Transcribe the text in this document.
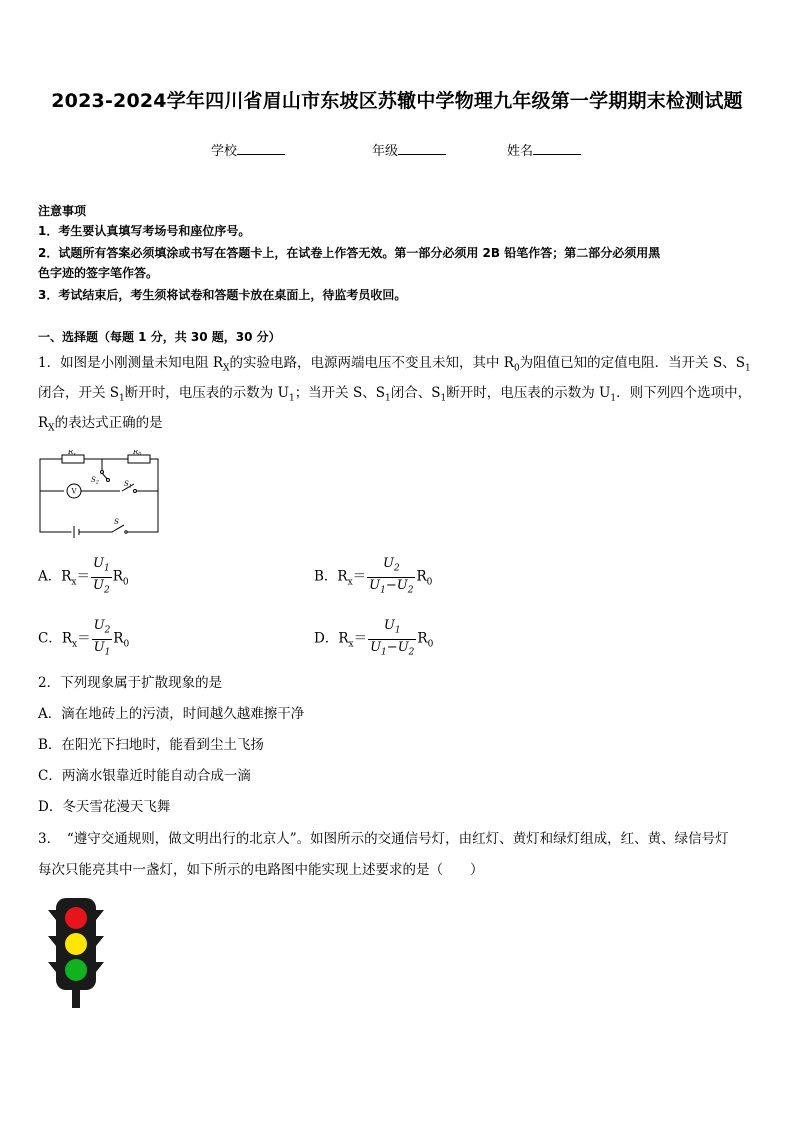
2023-2024学年四川省眉山市东坡区苏辙中学物理九年级第一学期期末检测试题
学校	年级	姓名
注意事项
1．考生要认真填写考场号和座位序号。
2．试题所有答案必须填涂或书写在答题卡上，在试卷上作答无效。第一部分必须用 2B 铅笔作答；第二部分必须用黑
色字迹的签字笔作答。
3．考试结束后，考生须将试卷和答题卡放在桌面上，待监考员收回。
一、选择题（每题 1 分，共 30 题，30 分）
1．如图是小刚测量未知电阻 $R_X$的实验电路，电源两端电压不变且未知，其中 $R_0$为阻值已知的定值电阻．当开关 S、$S_1$
闭合，开关 $S_1$断开时，电压表的示数为 $U_1$；当开关 S、$S_1$闭合、$S_1$断开时，电压表的示数为 $U_1$．则下列四个选项中，
$R_X$的表达式正确的是
$R_x$	$R_0$
$S_2$	$S_1$
S
V
A．$R_x= \frac{U_1}{U_2} R_0$	B．$R_x= \frac{U_2}{U_1-U_2} R_0$
C．$R_x= \frac{U_2}{U_1} R_0$	D．$R_x= \frac{U_1}{U_1-U_2} R_0$
2．下列现象属于扩散现象的是
A．滴在地砖上的污渍，时间越久越难擦干净
B．在阳光下扫地时，能看到尘土飞扬
C．两滴水银靠近时能自动合成一滴
D．冬天雪花漫天飞舞
3．　“遵守交通规则，做文明出行的北京人”。如图所示的交通信号灯，由红灯、黄灯和绿灯组成，红、黄、绿信号灯
每次只能亮其中一盏灯，如下所示的电路图中能实现上述要求的是（　　）
